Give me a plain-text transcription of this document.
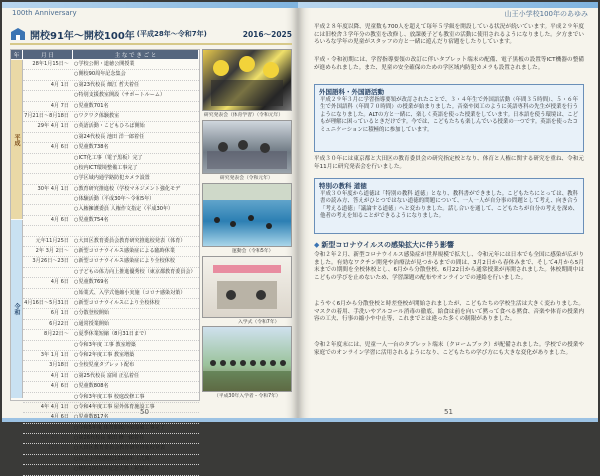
100th Anniversary
開校91年～開校100年 (平成28年～令和7年)	2016～2025
年	月 日	主 な で き ご と
平成
令和
28年1月15日〜 ○学校公開・道徳公開授業
○開校90周年記念集会
4月 1日 ○第23代校長 畑江 哲夫着任
○特別支援教室開設（サポートルーム）
4月 7日 ○児童数701名
7月21日〜8月18日 ○ワクワク体験教室
29年 4月 1日 ○英語活動・こどもひろば開始
○第24代校長 池田 洋一郎着任
4月 6日 ○児童数738名
○ICT化工事（電子黒板）完了
○校内ICT環境整備工事完了
○学区域内通学路防犯カメラ設置
30年 4月 1日 ○教育研究推進校（学校マネジメント強化モデ
○体験活動（平成30年〜令和5年）
○入権擁護委員 人権作文指定（平成30年）
4月 6日 ○児童数754名
元年11月25日 ○大田区教育委員会教育研究推進校発表（体育）
2年 3月 2日〜 ○新型コロナウイルス感染症による臨時休業
3月26日〜23日 ○新型コロナウイルス感染症により全校休校
○子どもの体力向上推進優秀校（東京都教育委員会）
4月 6日 ○児童数769名
○始業式、入学式他縮小実施（コロナ感染対策）
4月16日〜5月31日 ○新型コロナウイルスにより全校休校
6月 1日 ○分散登校開始
6月22日 ○通常授業開始
8月22日〜 ○夏季休業短縮（8月31日まで）
○令和3年度 工事 教室増築
3年 1月 1日 ○令和2年度工事 教室増築
3月18日 ○全校児童タブレット配布
4月 1日 ○第25代校長 富岡 正弘着任
4月 6日 ○児童数808名
○令和3年度工事 校庭改修工事
4年 4月 1日 ○令和4年度工事 屋外体育施設工事
○令和5年度 体育館暖冷房設備工事完了
5年 4月 1日 ○第26代校長 栗田 修一郎着任
11月 1日 ○大田区教育委員会教育研究推進校発表
○山王小学校開校100周年（式典）
7年11月15日 ○開校100周年記念式典・祝賀会
研究発表会（体育学習）（令和元年）
研究発表会（令和元年）
運動会（令和5年）
入学式（令和7年）
（平成30年入学者・令和7年）
50
山王小学校100年のあゆみ
平成２８年度以降、児童数も700人を超えて毎年５学級を開設している状況が続いています。平成２９年度には旧校舎３学年分の教室を改修し、放課後子ども教室の活動に使用されるようになりました。夕方までいろいろな学年の児童がスタッフの方と一緒に遊んだり宿題をしたりしています。
平成・令和初期には、学習指導要領の改訂に伴いタブレット端末の配備、電子黒板の設置等ICT機器の整備が進められました。また、児童の安全確保のための学区域内防犯カメラも設置されました。
外国語科・外国語活動
平成２９年３月に学習指導要領が改訂されたことで、３・４年生で外国語活動（年間３５時間）、５・６年生で外国語科（年間７０時間）の授業が始まりました。音楽や図工のように英語専科の先生が授業を行うようになりました。ALTの方と一緒に、楽しく英語を使った授業をしています。日本語を使う環境は、こどもが理解に困っているときだけです。今では、こどもたちも楽しんでいる授業の一つです。英語を使ったコミュニケーションに積極的に参加しています。
平成３０年には東京都と大田区の教育委員会の研究指定校となり、体育と人権に関する研究を重ね、令和元年11月に研究発表会を行いました。
特別の教科 道徳
平成３０年度から道徳は「特別の教科 道徳」となり、教科書ができました。こどもたちにとっては、教科書の読み方、答えがひとつではない道徳的問題について、一人一人が自分事の問題として考え、向き合う「考える道徳」「議論する道徳」へと変わりました。話し合いを通して、こどもたちが自分の考えを深め、他者の考えを知ることができるようになりました。
◆ 新型コロナウイルスの感染拡大に伴う影響
令和２年２月、新型コロナウイルス感染症が世界規模で拡大し、令和元年には日本でも全国に感染が広がりました。有効なワクチン開発や治療法が見つかるまでの間は、3月2日から春休みまで、そして4月から5月末までの期間を全校休校とし、6月から分散登校、6月22日から通常授業が再開されました。休校期間中はこどもの学びを止めないため、学習課題の配布やオンラインでの連絡を行いました。
ようやく6月から分散登校と時差登校が開始されましたが、こどもたちの学校生活は大きく変わりました。マスクの着用、手洗いやアルコール消毒の徹底、給食は前を向いて黙って食べる黙食、音楽や体育の授業内容の工夫、行事の縮小や中止等、これまでとは違った多くの制限がありました。
令和２年度末には、児童一人一台のタブレット端末（クロームブック）が配備されました。学校での授業や家庭でのオンライン学習に活用されるようになり、こどもたちの学び方にも大きな変化がありました。
51
